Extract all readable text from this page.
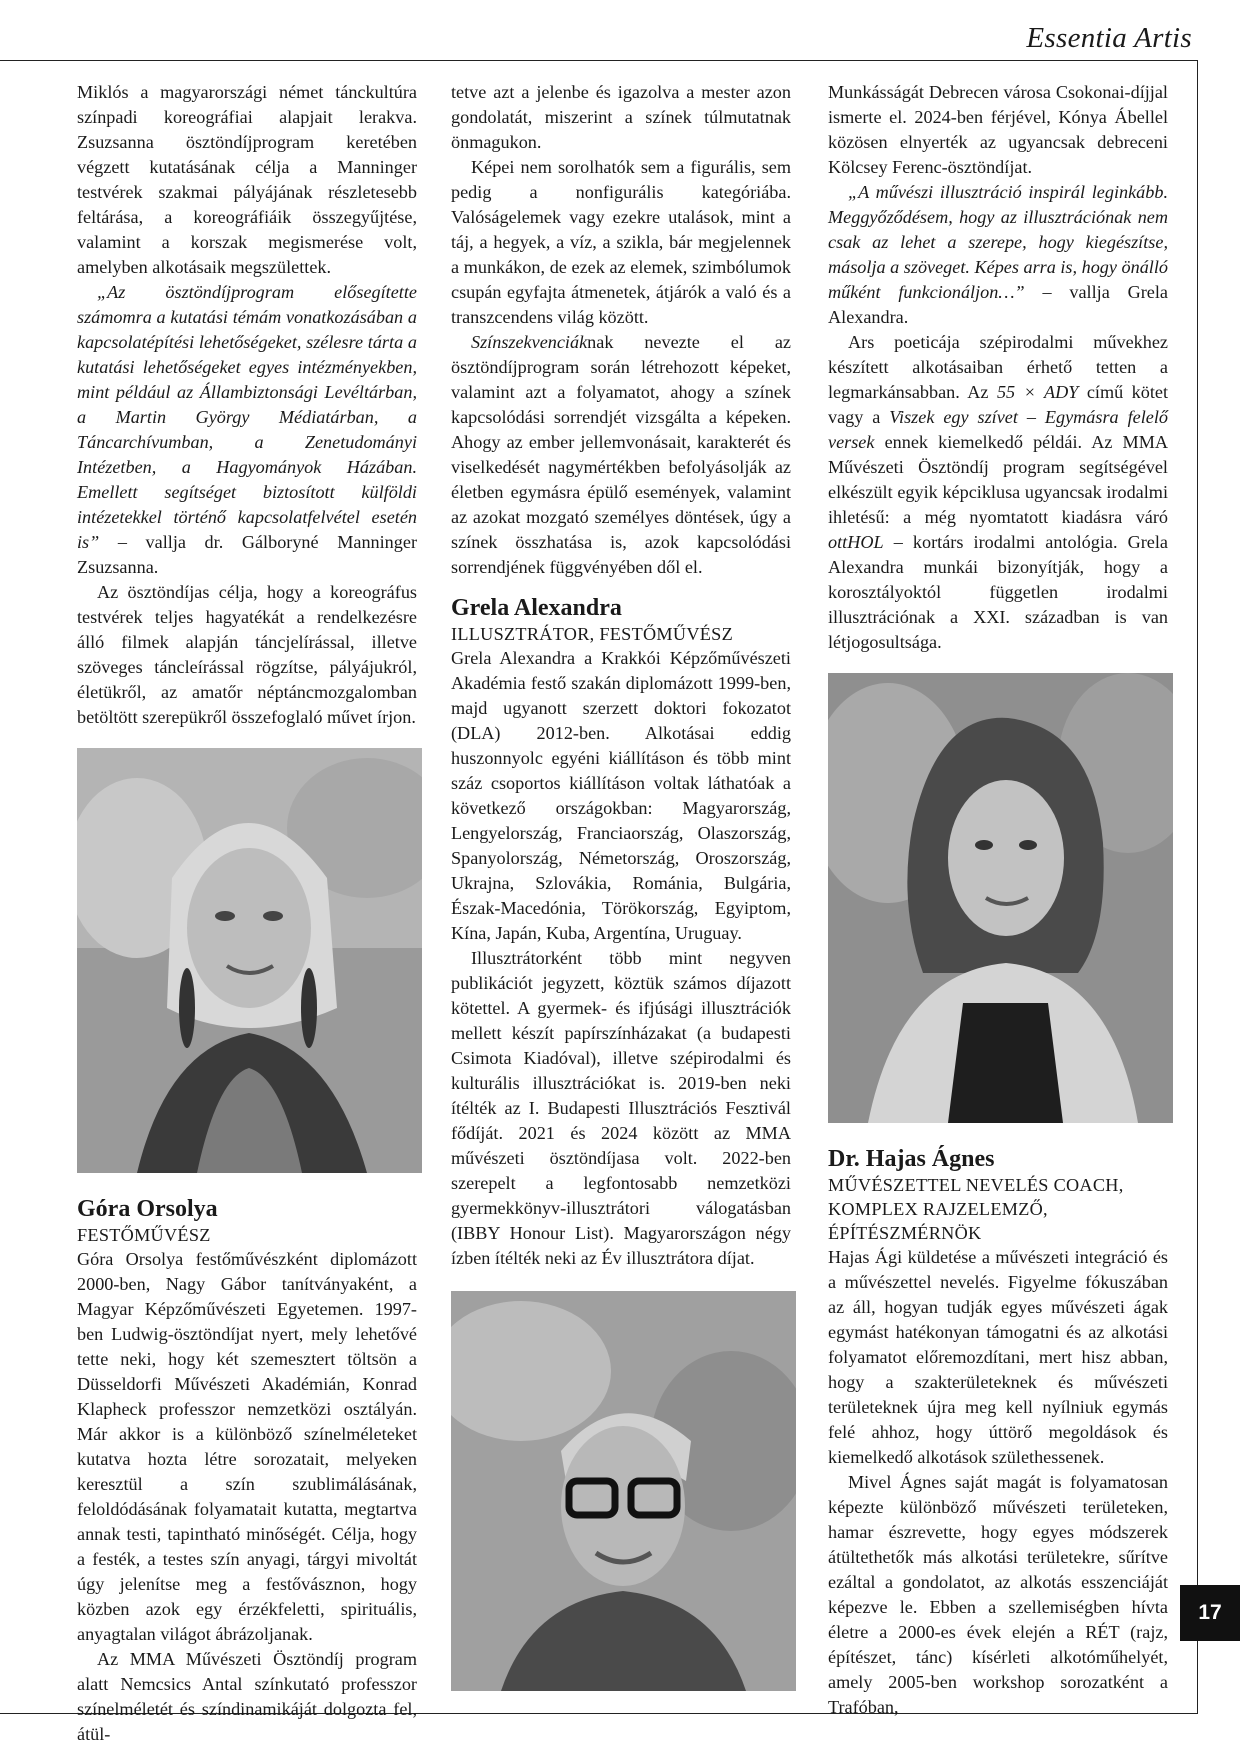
Essentia Artis
17

Miklós a magyarországi német tánckultúra színpadi koreográfiai alapjait lerakva. Zsuzsanna ösztöndíjprogram keretében végzett kutatásának célja a Manninger testvérek szakmai pályájának részletesebb feltárása, a koreográfiáik összegyűjtése, valamint a korszak megismerése volt, amelyben alkotásaik megszülettek.

„Az ösztöndíjprogram elősegítette számomra a kutatási témám vonatkozásában a kapcsolatépítési lehetőségeket, szélesre tárta a kutatási lehetőségeket egyes intézményekben, mint például az Állambiztonsági Levéltárban, a Martin György Médiatárban, a Táncarchívumban, a Zenetudományi Intézetben, a Hagyományok Házában. Emellett segítséget biztosított külföldi intézetekkel történő kapcsolatfelvétel esetén is” – vallja dr. Gálboryné Manninger Zsuzsanna.

Az ösztöndíjas célja, hogy a koreográfus testvérek teljes hagyatékát a rendelkezésre álló filmek alapján táncjelírással, illetve szöveges táncleírással rögzítse, pályájukról, életükről, az amatőr néptáncmozgalomban betöltött szerepükről összefoglaló művet írjon.

Góra Orsolya

FESTŐMŰVÉSZ

Góra Orsolya festőművészként diplomázott 2000-ben, Nagy Gábor tanítványaként, a Magyar Képzőművészeti Egyetemen. 1997-ben Ludwig-ösztöndíjat nyert, mely lehetővé tette neki, hogy két szemesztert töltsön a Düsseldorfi Művészeti Akadémián, Konrad Klapheck professzor nemzetközi osztályán. Már akkor is a különböző színelméleteket kutatva hozta létre sorozatait, melyeken keresztül a szín szublimálásának, feloldódásának folyamatait kutatta, megtartva annak testi, tapintható minőségét. Célja, hogy a festék, a testes szín anyagi, tárgyi mivoltát úgy jelenítse meg a festővásznon, hogy közben azok egy érzékfeletti, spirituális, anyagtalan világot ábrázoljanak.

Az MMA Művészeti Ösztöndíj program alatt Nemcsics Antal színkutató professzor színelméletét és színdinamikáját dolgozta fel, átül-

tetve azt a jelenbe és igazolva a mester azon gondolatát, miszerint a színek túlmutatnak önmagukon.

Képei nem sorolhatók sem a figurális, sem pedig a nonfigurális kategóriába. Valóságelemek vagy ezekre utalások, mint a táj, a hegyek, a víz, a szikla, bár megjelennek a munkákon, de ezek az elemek, szimbólumok csupán egyfajta átmenetek, átjárók a való és a transzcendens világ között.

Színszekvenciáknak nevezte el az ösztöndíjprogram során létrehozott képeket, valamint azt a folyamatot, ahogy a színek kapcsolódási sorrendjét vizsgálta a képeken. Ahogy az ember jellemvonásait, karakterét és viselkedését nagymértékben befolyásolják az életben egymásra épülő események, valamint az azokat mozgató személyes döntések, úgy a színek összhatása is, azok kapcsolódási sorrendjének függvényében dől el.

Grela Alexandra

ILLUSZTRÁTOR, FESTŐMŰVÉSZ

Grela Alexandra a Krakkói Képzőművészeti Akadémia festő szakán diplomázott 1999-ben, majd ugyanott szerzett doktori fokozatot (DLA) 2012-ben. Alkotásai eddig huszonnyolc egyéni kiállításon és több mint száz csoportos kiállításon voltak láthatóak a következő országokban: Magyarország, Lengyelország, Franciaország, Olaszország, Spanyolország, Németország, Oroszország, Ukrajna, Szlovákia, Románia, Bulgária, Észak-Macedónia, Törökország, Egyiptom, Kína, Japán, Kuba, Argentína, Uruguay.

Illusztrátorként több mint negyven publikációt jegyzett, köztük számos díjazott kötettel. A gyermek- és ifjúsági illusztrációk mellett készít papírszínházakat (a budapesti Csimota Kiadóval), illetve szépirodalmi és kulturális illusztrációkat is. 2019-ben neki ítélték az I. Budapesti Illusztrációs Fesztivál fődíját. 2021 és 2024 között az MMA művészeti ösztöndíjasa volt. 2022-ben szerepelt a legfontosabb nemzetközi gyermekkönyv-illusztrátori válogatásban (IBBY Honour List). Magyarországon négy ízben ítélték neki az Év illusztrátora díjat.

Munkásságát Debrecen városa Csokonai-díjjal ismerte el. 2024-ben férjével, Kónya Ábellel közösen elnyerték az ugyancsak debreceni Kölcsey Ferenc-ösztöndíjat.

„A művészi illusztráció inspirál leginkább. Meggyőződésem, hogy az illusztrációnak nem csak az lehet a szerepe, hogy kiegészítse, másolja a szöveget. Képes arra is, hogy önálló műként funkcionáljon…” – vallja Grela Alexandra.

Ars poeticája szépirodalmi művekhez készített alkotásaiban érhető tetten a legmarkánsabban. Az 55 × ADY című kötet vagy a Viszek egy szívet – Egymásra felelő versek ennek kiemelkedő példái. Az MMA Művészeti Ösztöndíj program segítségével elkészült egyik képciklusa ugyancsak irodalmi ihletésű: a még nyomtatott kiadásra váró ottHOL – kortárs irodalmi antológia. Grela Alexandra munkái bizonyítják, hogy a korosztályoktól független irodalmi illusztrációnak a XXI. században is van létjogosultsága.

Dr. Hajas Ágnes

MŰVÉSZETTEL NEVELÉS COACH, KOMPLEX RAJZELEMZŐ, ÉPÍTÉSZMÉRNÖK

Hajas Ági küldetése a művészeti integráció és a művészettel nevelés. Figyelme fókuszában az áll, hogyan tudják egyes művészeti ágak egymást hatékonyan támogatni és az alkotási folyamatot előremozdítani, mert hisz abban, hogy a szakterületeknek és művészeti területeknek újra meg kell nyílniuk egymás felé ahhoz, hogy úttörő megoldások és kiemelkedő alkotások születhessenek.

Mivel Ágnes saját magát is folyamatosan képezte különböző művészeti területeken, hamar észrevette, hogy egyes módszerek átültethetők más alkotási területekre, sűrítve ezáltal a gondolatot, az alkotás esszenciáját képezve le. Ebben a szellemiségben hívta életre a 2000-es évek elején a RÉT (rajz, építészet, tánc) kísérleti alkotóműhelyét, amely 2005-ben workshop sorozatként a Trafóban,
